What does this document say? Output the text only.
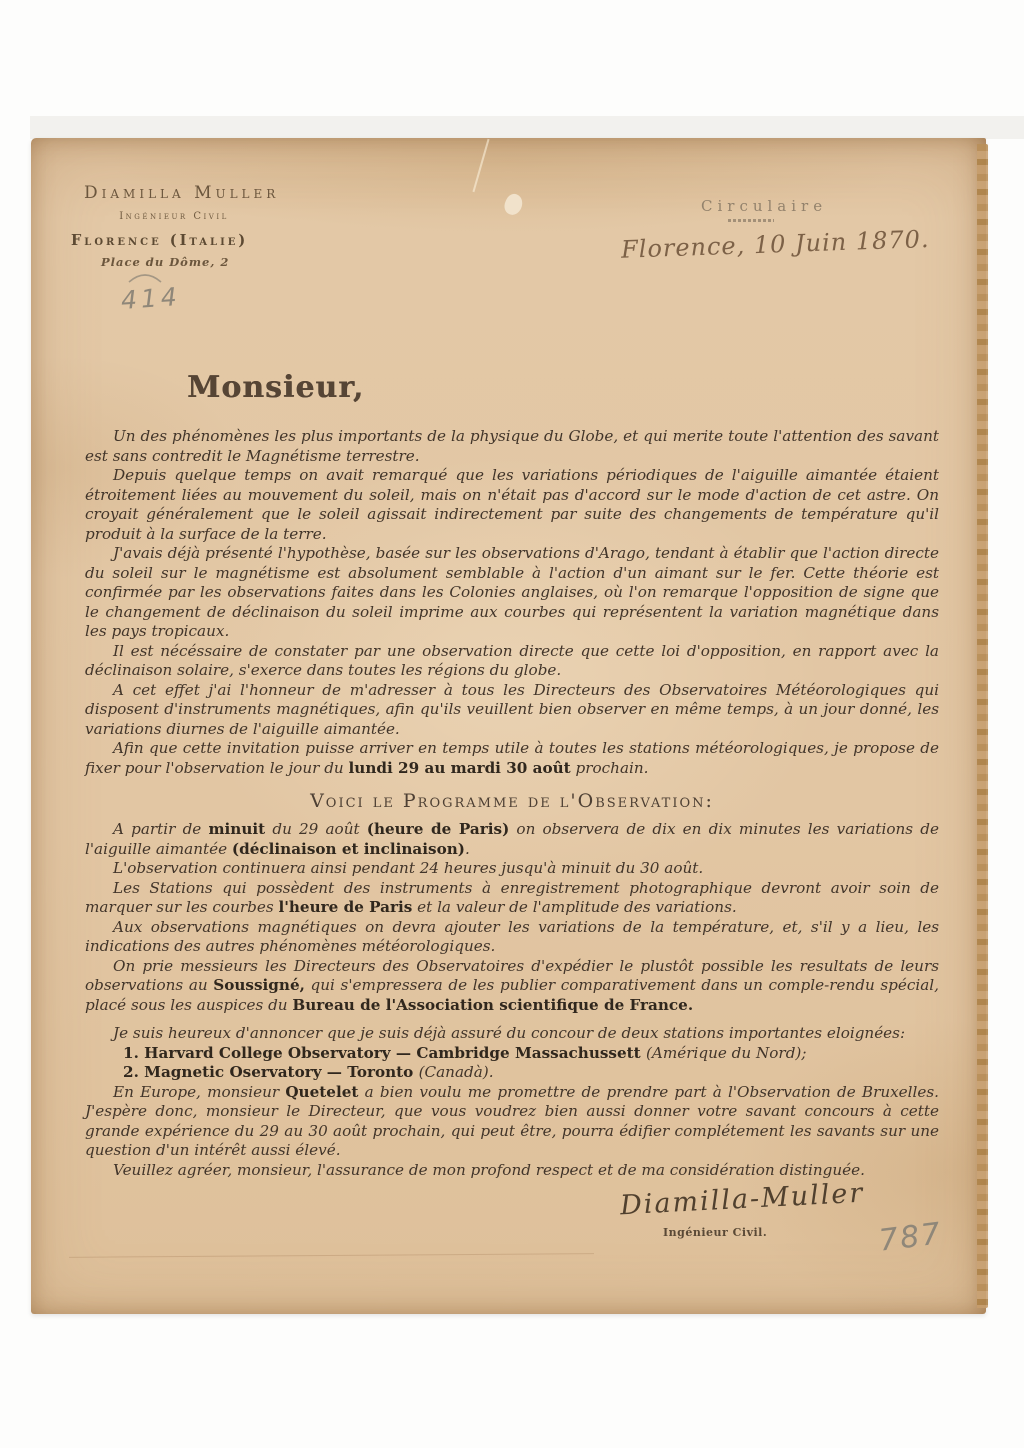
Diamilla Muller
Ingénieur Civil
Florence (Italie)
Place du Dôme, 2
414
787
Circulaire
Florence, 10 Juin 1870.
Monsieur,

Un des phénomènes les plus importants de la physique du Globe, et qui merite toute l'attention des savant est sans contredit le Magnétisme terrestre.

Depuis quelque temps on avait remarqué que les variations périodiques de l'aiguille aimantée étaient étroitement liées au mouvement du soleil, mais on n'était pas d'accord sur le mode d'action de cet astre. On croyait généralement que le soleil agissait indirectement par suite des changements de température qu'il produit à la surface de la terre.

J'avais déjà présenté l'hypothèse, basée sur les observations d'Arago, tendant à établir que l'action directe du soleil sur le magnétisme est absolument semblable à l'action d'un aimant sur le fer. Cette théorie est confirmée par les observations faites dans les Colonies anglaises, où l'on remarque l'opposition de signe que le changement de déclinaison du soleil imprime aux courbes qui représentent la variation magnétique dans les pays tropicaux.

Il est nécéssaire de constater par une observation directe que cette loi d'opposition, en rapport avec la déclinaison solaire, s'exerce dans toutes les régions du globe.

A cet effet j'ai l'honneur de m'adresser à tous les Directeurs des Observatoires Météorologiques qui disposent d'instruments magnétiques, afin qu'ils veuillent bien observer en même temps, à un jour donné, les variations diurnes de l'aiguille aimantée.

Afin que cette invitation puisse arriver en temps utile à toutes les stations météorologiques, je propose de fixer pour l'observation le jour du lundi 29 au mardi 30 août prochain.

Voici le Programme de l'Observation:

A partir de minuit du 29 août (heure de Paris) on observera de dix en dix minutes les variations de l'aiguille aimantée (déclinaison et inclinaison).

L'observation continuera ainsi pendant 24 heures jusqu'à minuit du 30 août.

Les Stations qui possèdent des instruments à enregistrement photographique devront avoir soin de marquer sur les courbes l'heure de Paris et la valeur de l'amplitude des variations.

Aux observations magnétiques on devra ajouter les variations de la température, et, s'il y a lieu, les indications des autres phénomènes météorologiques.

On prie messieurs les Directeurs des Observatoires d'expédier le plustôt possible les resultats de leurs observations au Soussigné, qui s'empressera de les publier comparativement dans un comple-rendu spécial, placé sous les auspices du Bureau de l'Association scientifique de France.

Je suis heureux d'annoncer que je suis déjà assuré du concour de deux stations importantes eloignées:

1. Harvard College Observatory — Cambridge Massachussett (Amérique du Nord);

2. Magnetic Oservatory — Toronto (Canadà).

En Europe, monsieur Quetelet a bien voulu me promettre de prendre part à l'Observation de Bruxelles. J'espère donc, monsieur le Directeur, que vous voudrez bien aussi donner votre savant concours à cette grande expérience du 29 au 30 août prochain, qui peut être, pourra édifier complétement les savants sur une question d'un intérêt aussi élevé.

Veuillez agréer, monsieur, l'assurance de mon profond respect et de ma considération distinguée.

Diamilla-Muller
Ingénieur Civil.
